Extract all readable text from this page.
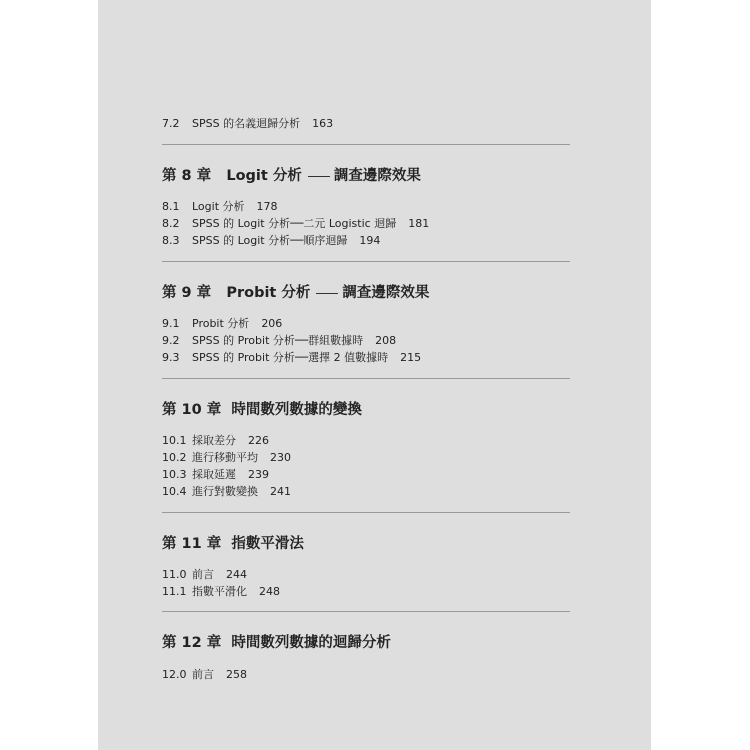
7.2 SPSS 的名義迴歸分析 163
第 8 章 Logit 分析 調查邊際效果
8.1 Logit 分析 178
8.2 SPSS 的 Logit 分析──二元 Logistic 迴歸 181
8.3 SPSS 的 Logit 分析──順序迴歸 194
第 9 章 Probit 分析 調查邊際效果
9.1 Probit 分析 206
9.2 SPSS 的 Probit 分析──群組數據時 208
9.3 SPSS 的 Probit 分析──選擇 2 值數據時 215
第 10 章 時間數列數據的變換
10.1 採取差分 226
10.2 進行移動平均 230
10.3 採取延遲 239
10.4 進行對數變換 241
第 11 章 指數平滑法
11.0 前言 244
11.1 指數平滑化 248
第 12 章 時間數列數據的迴歸分析
12.0 前言 258
